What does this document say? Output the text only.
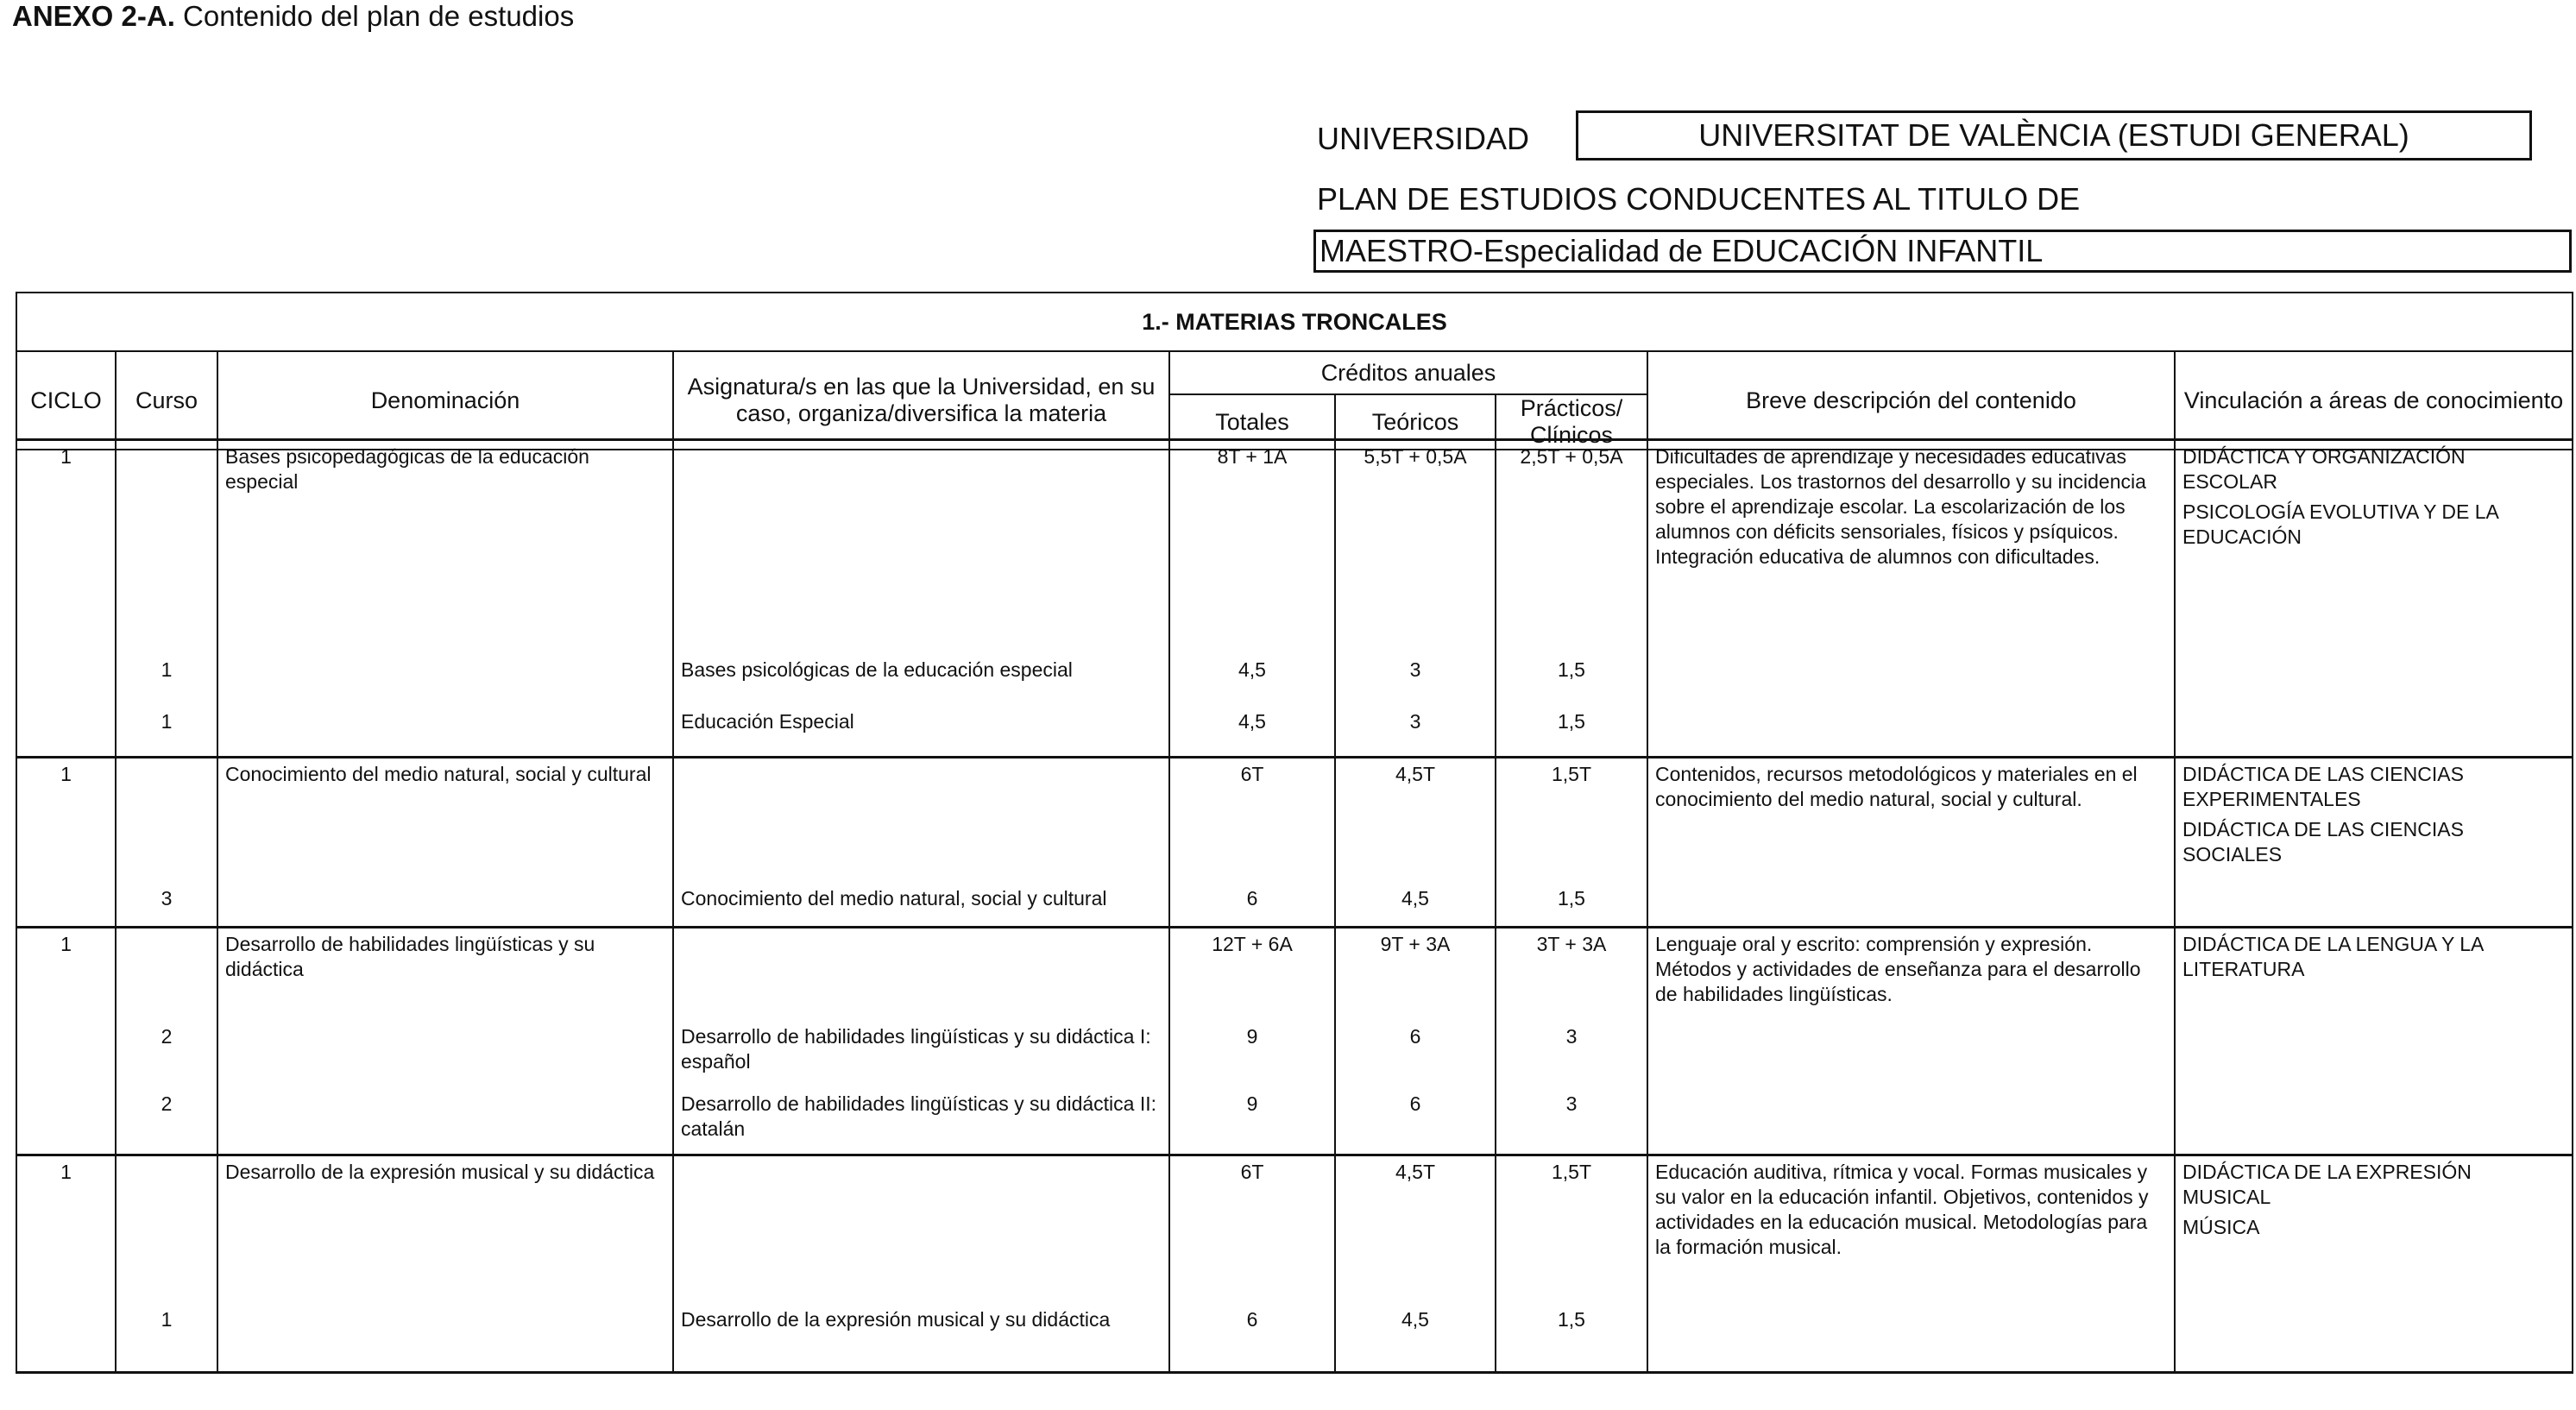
ANEXO 2-A. Contenido del plan de estudios
UNIVERSIDAD	UNIVERSITAT DE VALÈNCIA (ESTUDI GENERAL)
PLAN DE ESTUDIOS CONDUCENTES AL TITULO DE
MAESTRO-Especialidad de EDUCACIÓN INFANTIL
1.- MATERIAS TRONCALES								
CICLO	Curso	Denominación	Asignatura/s en las que la Universidad, en su caso, organiza/diversifica la materia	Créditos anuales			Breve descripción del contenido	Vinculación a áreas de conocimiento
				Totales	Teóricos	Prácticos/ Clínicos		
1		Bases psicopedagógicas de la educación especial		8T + 1A	5,5T + 0,5A	2,5T + 0,5A	Dificultades de aprendizaje y necesidades educativas especiales. Los trastornos del desarrollo y su incidencia sobre el aprendizaje escolar. La escolarización de los alumnos con déficits sensoriales, físicos y psíquicos. Integración educativa de alumnos con dificultades.	DIDÁCTICA Y ORGANIZACIÓN ESCOLAR
PSICOLOGÍA EVOLUTIVA Y DE LA EDUCACIÓN

	1		Bases psicológicas de la educación especial	4,5	3	1,5		
	1		Educación Especial	4,5	3	1,5		
1		Conocimiento del medio natural, social y cultural		6T	4,5T	1,5T	Contenidos, recursos metodológicos y materiales en el conocimiento del medio natural, social y cultural.	DIDÁCTICA DE LAS CIENCIAS EXPERIMENTALES
DIDÁCTICA DE LAS CIENCIAS SOCIALES

	3		Conocimiento del medio natural, social y cultural	6	4,5	1,5		
1		Desarrollo de habilidades lingüísticas y su didáctica		12T + 6A	9T + 3A	3T + 3A	Lenguaje oral y escrito: comprensión y expresión. Métodos y actividades de enseñanza para el desarrollo de habilidades lingüísticas.	DIDÁCTICA DE LA LENGUA Y LA LITERATURA

	2		Desarrollo de habilidades lingüísticas y su didáctica I: español	9	6	3		
	2		Desarrollo de habilidades lingüísticas y su didáctica II: catalán	9	6	3		
1		Desarrollo de la expresión musical y su didáctica		6T	4,5T	1,5T	Educación auditiva, rítmica y vocal. Formas musicales y su valor en la educación infantil. Objetivos, contenidos y actividades en la educación musical. Metodologías para la formación musical.	DIDÁCTICA DE LA EXPRESIÓN MUSICAL
MÚSICA

	1		Desarrollo de la expresión musical y su didáctica	6	4,5	1,5		
